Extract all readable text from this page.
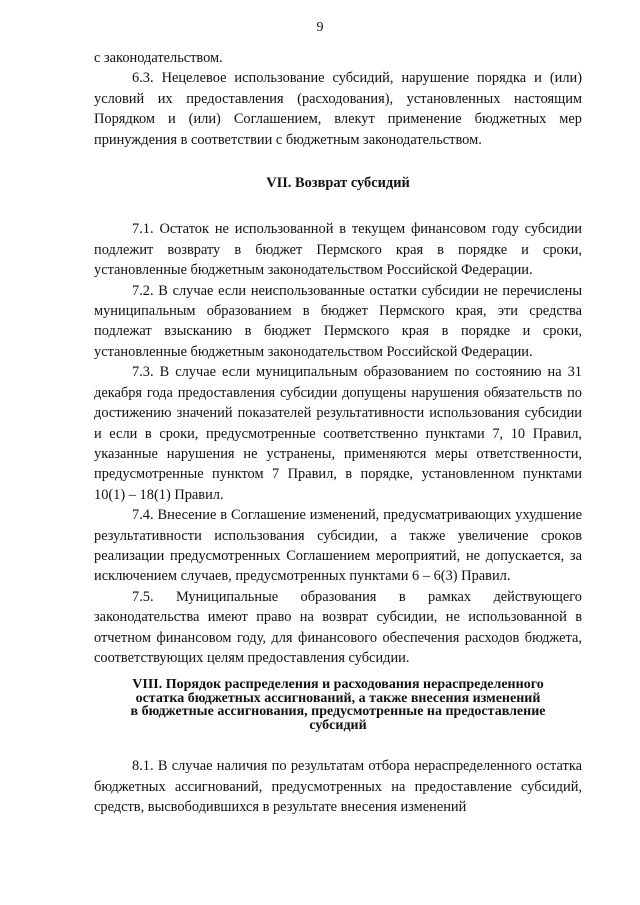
9

с законодательством.

6.3. Нецелевое использование субсидий, нарушение порядка и (или) условий их предоставления (расходования), установленных настоящим Порядком и (или) Соглашением, влекут применение бюджетных мер принуждения в соответствии с бюджетным законодательством.

VII. Возврат субсидий

7.1. Остаток не использованной в текущем финансовом году субсидии подлежит возврату в бюджет Пермского края в порядке и сроки, установленные бюджетным законодательством Российской Федерации.

7.2. В случае если неиспользованные остатки субсидии не перечислены муниципальным образованием в бюджет Пермского края, эти средства подлежат взысканию в бюджет Пермского края в порядке и сроки, установленные бюджетным законодательством Российской Федерации.

7.3. В случае если муниципальным образованием по состоянию на 31 декабря года предоставления субсидии допущены нарушения обязательств по достижению значений показателей результативности использования субсидии и если в сроки, предусмотренные соответственно пунктами 7, 10 Правил, указанные нарушения не устранены, применяются меры ответственности, предусмотренные пунктом 7 Правил, в порядке, установленном пунктами 10(1) – 18(1) Правил.

7.4. Внесение в Соглашение изменений, предусматривающих ухудшение результативности использования субсидии, а также увеличение сроков реализации предусмотренных Соглашением мероприятий, не допускается, за исключением случаев, предусмотренных пунктами 6 – 6(3) Правил.

7.5. Муниципальные образования в рамках действующего законодательства имеют право на возврат субсидии, не использованной в отчетном финансовом году, для финансового обеспечения расходов бюджета, соответствующих целям предоставления субсидии.

VIII. Порядок распределения и расходования нераспределенного
остатка бюджетных ассигнований, а также внесения изменений
в бюджетные ассигнования, предусмотренные на предоставление
субсидий

8.1. В случае наличия по результатам отбора нераспределенного остатка бюджетных ассигнований, предусмотренных на предоставление субсидий, средств, высвободившихся в результате внесения изменений
